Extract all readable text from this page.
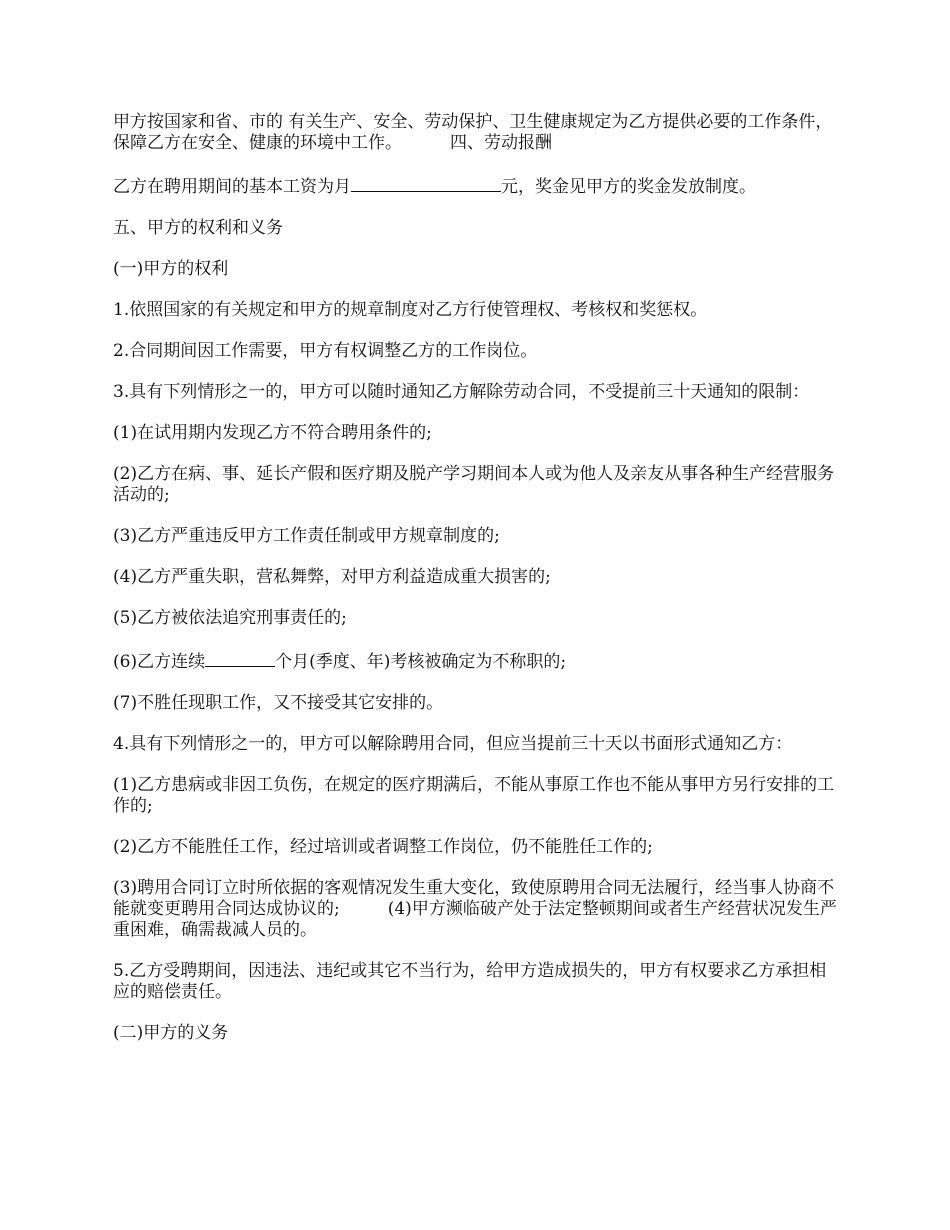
甲方按国家和省、市的 有关生产、安全、劳动保护、卫生健康规定为乙方提供必要的工作条件，保障乙方在安全、健康的环境中工作。	四、劳动报酬

乙方在聘用期间的基本工资为月	元，奖金见甲方的奖金发放制度。

五、甲方的权利和义务

(一)甲方的权利

1.依照国家的有关规定和甲方的规章制度对乙方行使管理权、考核权和奖惩权。

2.合同期间因工作需要，甲方有权调整乙方的工作岗位。

3.具有下列情形之一的，甲方可以随时通知乙方解除劳动合同，不受提前三十天通知的限制：

(1)在试用期内发现乙方不符合聘用条件的;

(2)乙方在病、事、延长产假和医疗期及脱产学习期间本人或为他人及亲友从事各种生产经营服务活动的;

(3)乙方严重违反甲方工作责任制或甲方规章制度的;

(4)乙方严重失职，营私舞弊，对甲方利益造成重大损害的;

(5)乙方被依法追究刑事责任的;

(6)乙方连续	个月(季度、年)考核被确定为不称职的;

(7)不胜任现职工作，又不接受其它安排的。

4.具有下列情形之一的，甲方可以解除聘用合同，但应当提前三十天以书面形式通知乙方：

(1)乙方患病或非因工负伤，在规定的医疗期满后，不能从事原工作也不能从事甲方另行安排的工作的;

(2)乙方不能胜任工作，经过培训或者调整工作岗位，仍不能胜任工作的;

(3)聘用合同订立时所依据的客观情况发生重大变化，致使原聘用合同无法履行，经当事人协商不能就变更聘用合同达成协议的;	(4)甲方濒临破产处于法定整顿期间或者生产经营状况发生严重困难，确需裁减人员的。

5.乙方受聘期间，因违法、违纪或其它不当行为，给甲方造成损失的，甲方有权要求乙方承担相应的赔偿责任。

(二)甲方的义务
